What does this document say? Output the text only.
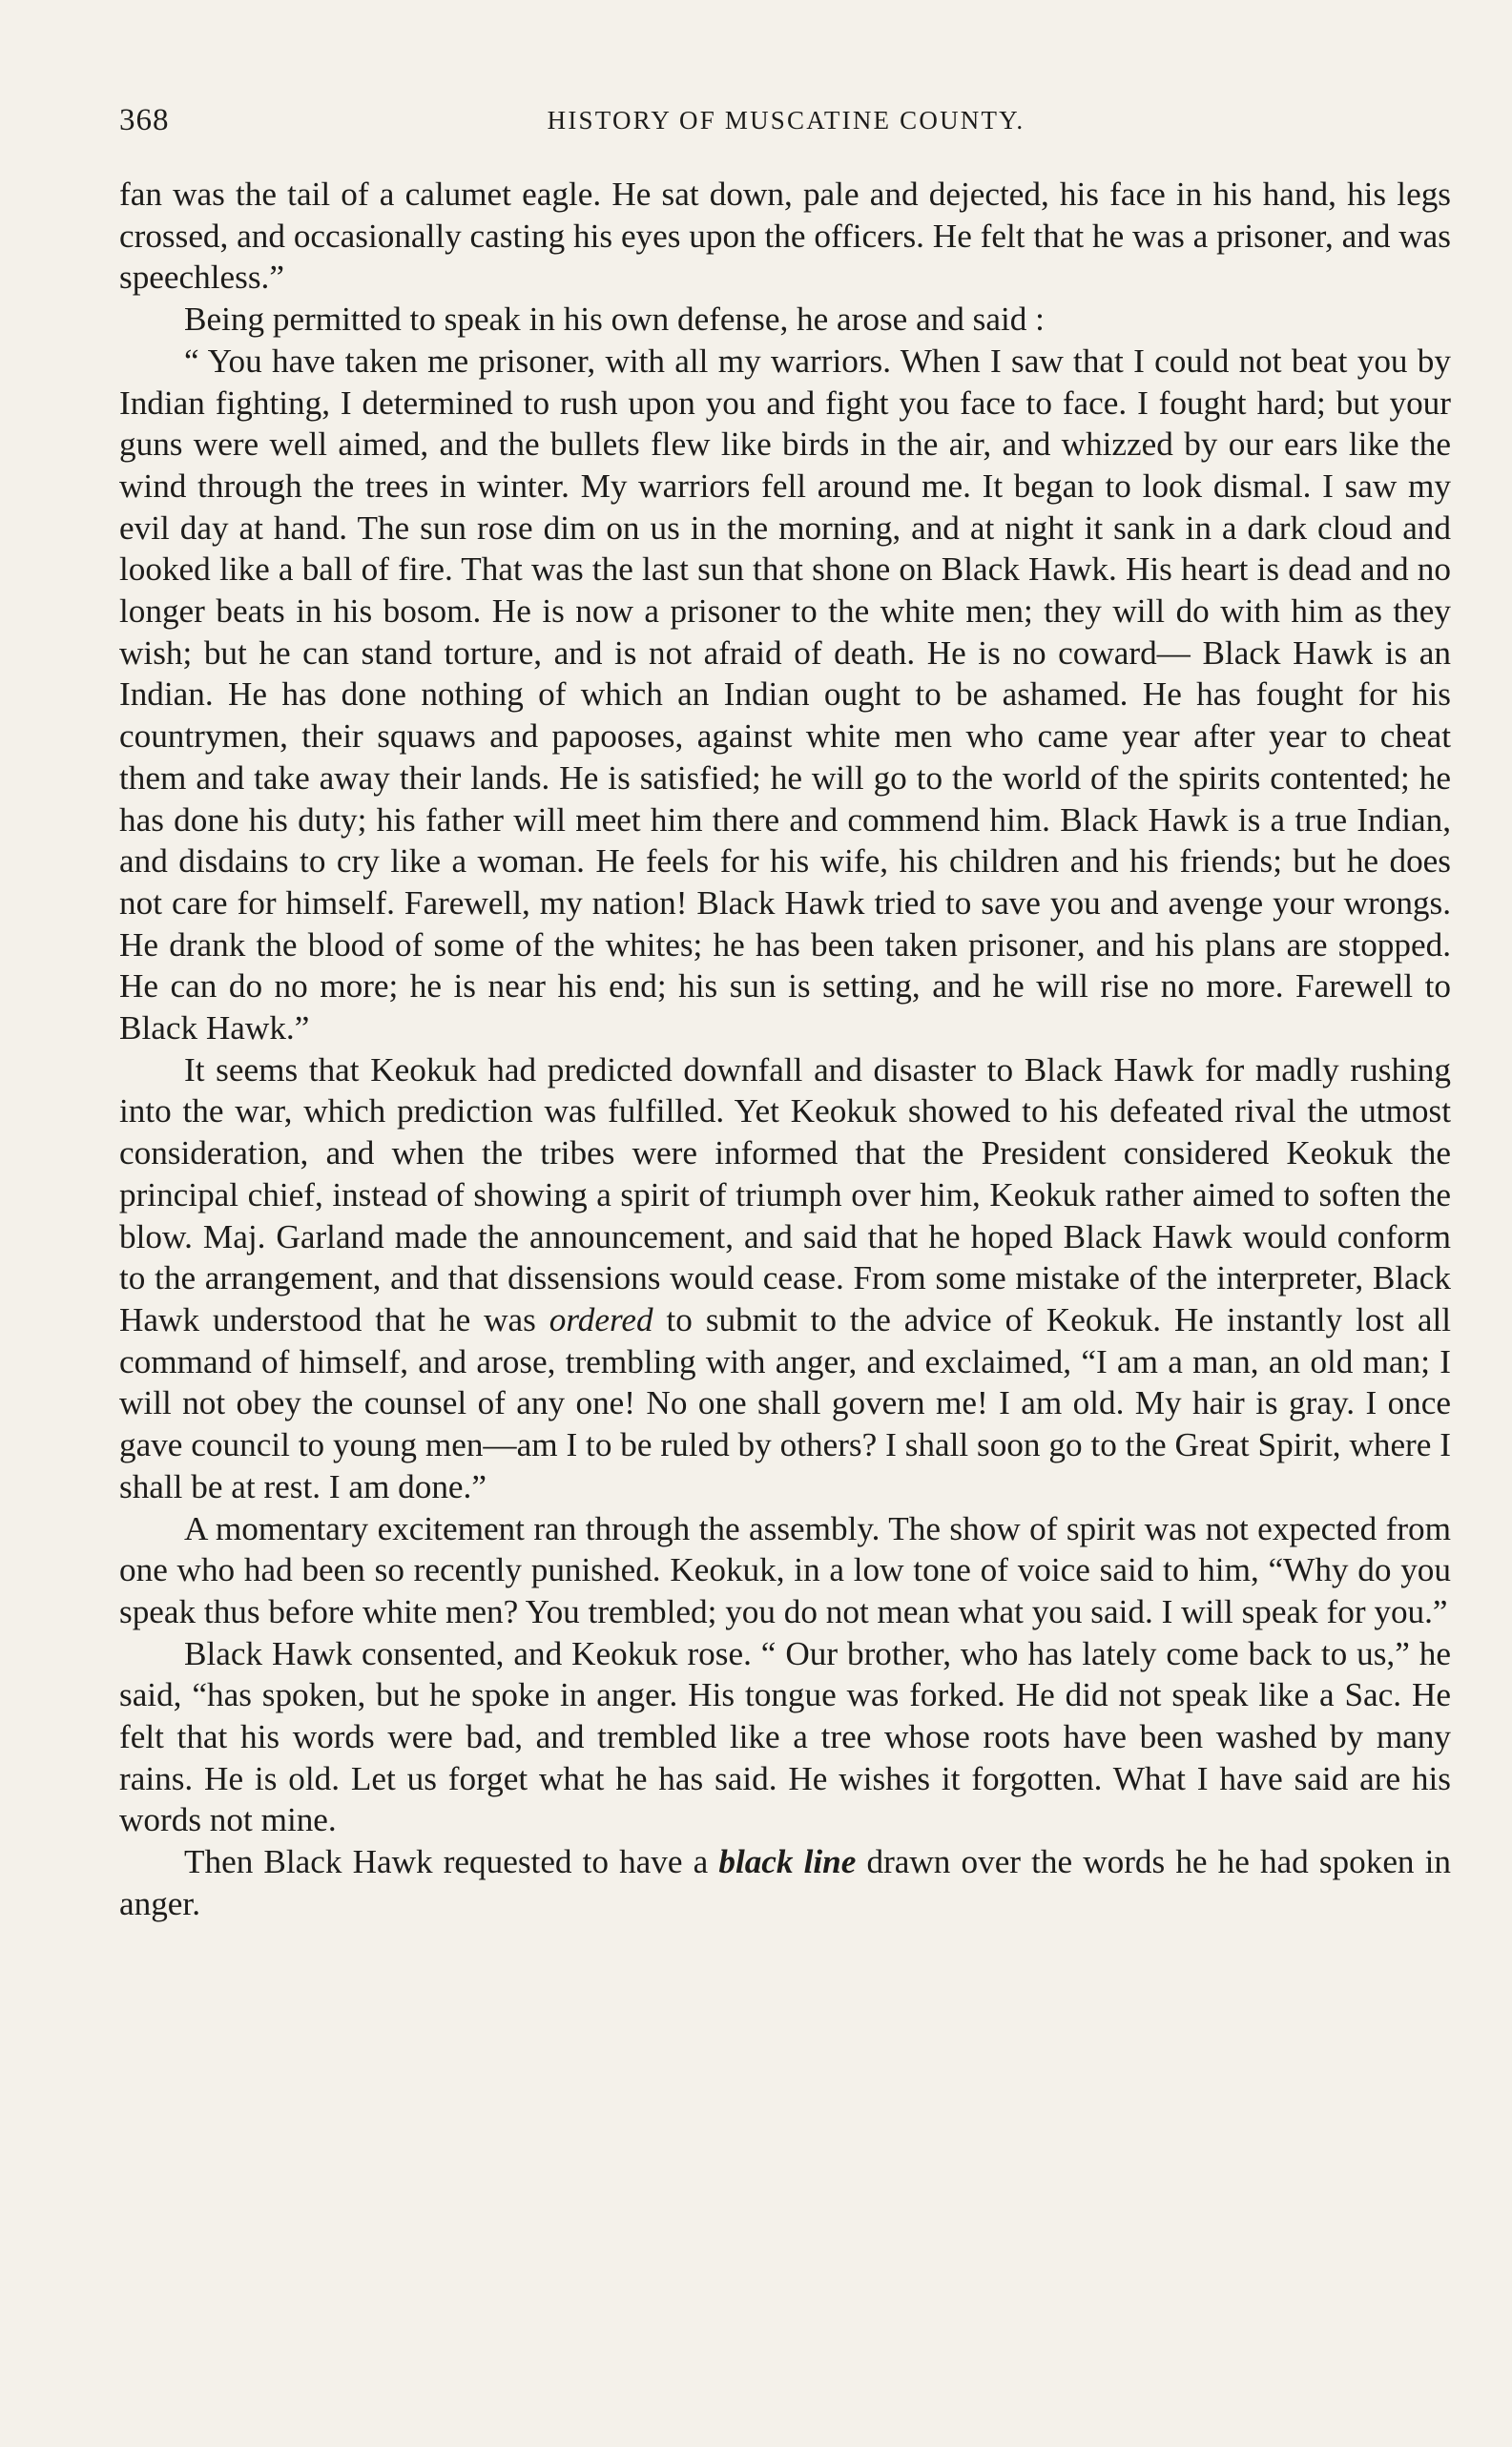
368	HISTORY OF MUSCATINE COUNTY.

fan was the tail of a calumet eagle. He sat down, pale and dejected, his face in his hand, his legs crossed, and occasionally casting his eyes upon the officers. He felt that he was a prisoner, and was speechless.”

Being permitted to speak in his own defense, he arose and said :

“ You have taken me prisoner, with all my warriors. When I saw that I could not beat you by Indian fighting, I determined to rush upon you and fight you face to face. I fought hard; but your guns were well aimed, and the bullets flew like birds in the air, and whizzed by our ears like the wind through the trees in winter. My warriors fell around me. It began to look dismal. I saw my evil day at hand. The sun rose dim on us in the morning, and at night it sank in a dark cloud and looked like a ball of fire. That was the last sun that shone on Black Hawk. His heart is dead and no longer beats in his bosom. He is now a prisoner to the white men; they will do with him as they wish; but he can stand torture, and is not afraid of death. He is no coward— Black Hawk is an Indian. He has done nothing of which an Indian ought to be ashamed. He has fought for his countrymen, their squaws and papooses, against white men who came year after year to cheat them and take away their lands. He is satisfied; he will go to the world of the spirits contented; he has done his duty; his father will meet him there and commend him. Black Hawk is a true Indian, and disdains to cry like a woman. He feels for his wife, his children and his friends; but he does not care for himself. Farewell, my nation! Black Hawk tried to save you and avenge your wrongs. He drank the blood of some of the whites; he has been taken prisoner, and his plans are stopped. He can do no more; he is near his end; his sun is setting, and he will rise no more. Farewell to Black Hawk.”

It seems that Keokuk had predicted downfall and disaster to Black Hawk for madly rushing into the war, which prediction was fulfilled. Yet Keokuk showed to his defeated rival the utmost consideration, and when the tribes were informed that the President considered Keokuk the principal chief, instead of showing a spirit of triumph over him, Keokuk rather aimed to soften the blow. Maj. Garland made the announcement, and said that he hoped Black Hawk would conform to the arrangement, and that dissensions would cease. From some mistake of the interpreter, Black Hawk understood that he was ordered to submit to the advice of Keokuk. He instantly lost all command of himself, and arose, trembling with anger, and exclaimed, “I am a man, an old man; I will not obey the counsel of any one! No one shall govern me! I am old. My hair is gray. I once gave council to young men—am I to be ruled by others? I shall soon go to the Great Spirit, where I shall be at rest. I am done.”

A momentary excitement ran through the assembly. The show of spirit was not expected from one who had been so recently punished. Keokuk, in a low tone of voice said to him, “Why do you speak thus before white men? You trembled; you do not mean what you said. I will speak for you.”

Black Hawk consented, and Keokuk rose. “ Our brother, who has lately come back to us,” he said, “has spoken, but he spoke in anger. His tongue was forked. He did not speak like a Sac. He felt that his words were bad, and trembled like a tree whose roots have been washed by many rains. He is old. Let us forget what he has said. He wishes it forgotten. What I have said are his words not mine.

Then Black Hawk requested to have a black line drawn over the words he he had spoken in anger.
